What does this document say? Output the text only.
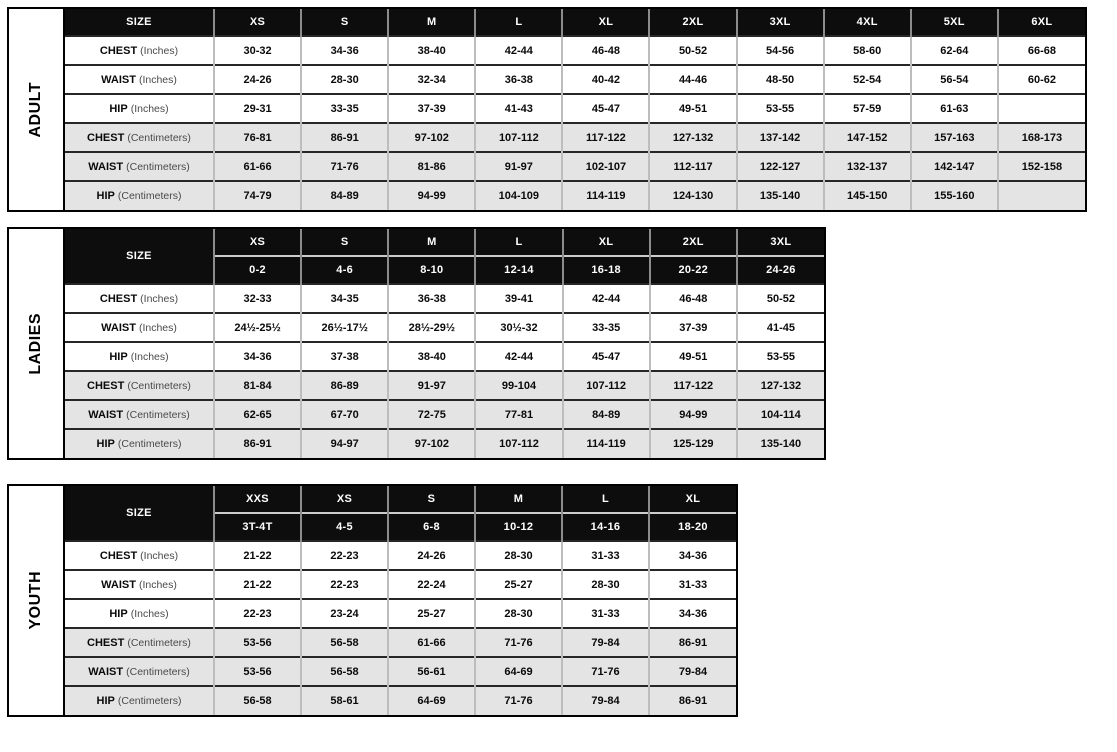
ADULT
SIZE	XS	S	M	L	XL	2XL	3XL	4XL	5XL	6XL
CHEST (Inches)	30-32	34-36	38-40	42-44	46-48	50-52	54-56	58-60	62-64	66-68
WAIST (Inches)	24-26	28-30	32-34	36-38	40-42	44-46	48-50	52-54	56-54	60-62
HIP (Inches)	29-31	33-35	37-39	41-43	45-47	49-51	53-55	57-59	61-63	
CHEST (Centimeters)	76-81	86-91	97-102	107-112	117-122	127-132	137-142	147-152	157-163	168-173
WAIST (Centimeters)	61-66	71-76	81-86	91-97	102-107	112-117	122-127	132-137	142-147	152-158
HIP (Centimeters)	74-79	84-89	94-99	104-109	114-119	124-130	135-140	145-150	155-160	
LADIES
SIZE	XS	S	M	L	XL	2XL	3XL
	0-2	4-6	8-10	12-14	16-18	20-22	24-26
CHEST (Inches)	32-33	34-35	36-38	39-41	42-44	46-48	50-52
WAIST (Inches)	24½-25½	26½-17½	28½-29½	30½-32	33-35	37-39	41-45
HIP (Inches)	34-36	37-38	38-40	42-44	45-47	49-51	53-55
CHEST (Centimeters)	81-84	86-89	91-97	99-104	107-112	117-122	127-132
WAIST (Centimeters)	62-65	67-70	72-75	77-81	84-89	94-99	104-114
HIP (Centimeters)	86-91	94-97	97-102	107-112	114-119	125-129	135-140
YOUTH
SIZE	XXS	XS	S	M	L	XL
	3T-4T	4-5	6-8	10-12	14-16	18-20
CHEST (Inches)	21-22	22-23	24-26	28-30	31-33	34-36
WAIST (Inches)	21-22	22-23	22-24	25-27	28-30	31-33
HIP (Inches)	22-23	23-24	25-27	28-30	31-33	34-36
CHEST (Centimeters)	53-56	56-58	61-66	71-76	79-84	86-91
WAIST (Centimeters)	53-56	56-58	56-61	64-69	71-76	79-84
HIP (Centimeters)	56-58	58-61	64-69	71-76	79-84	86-91
